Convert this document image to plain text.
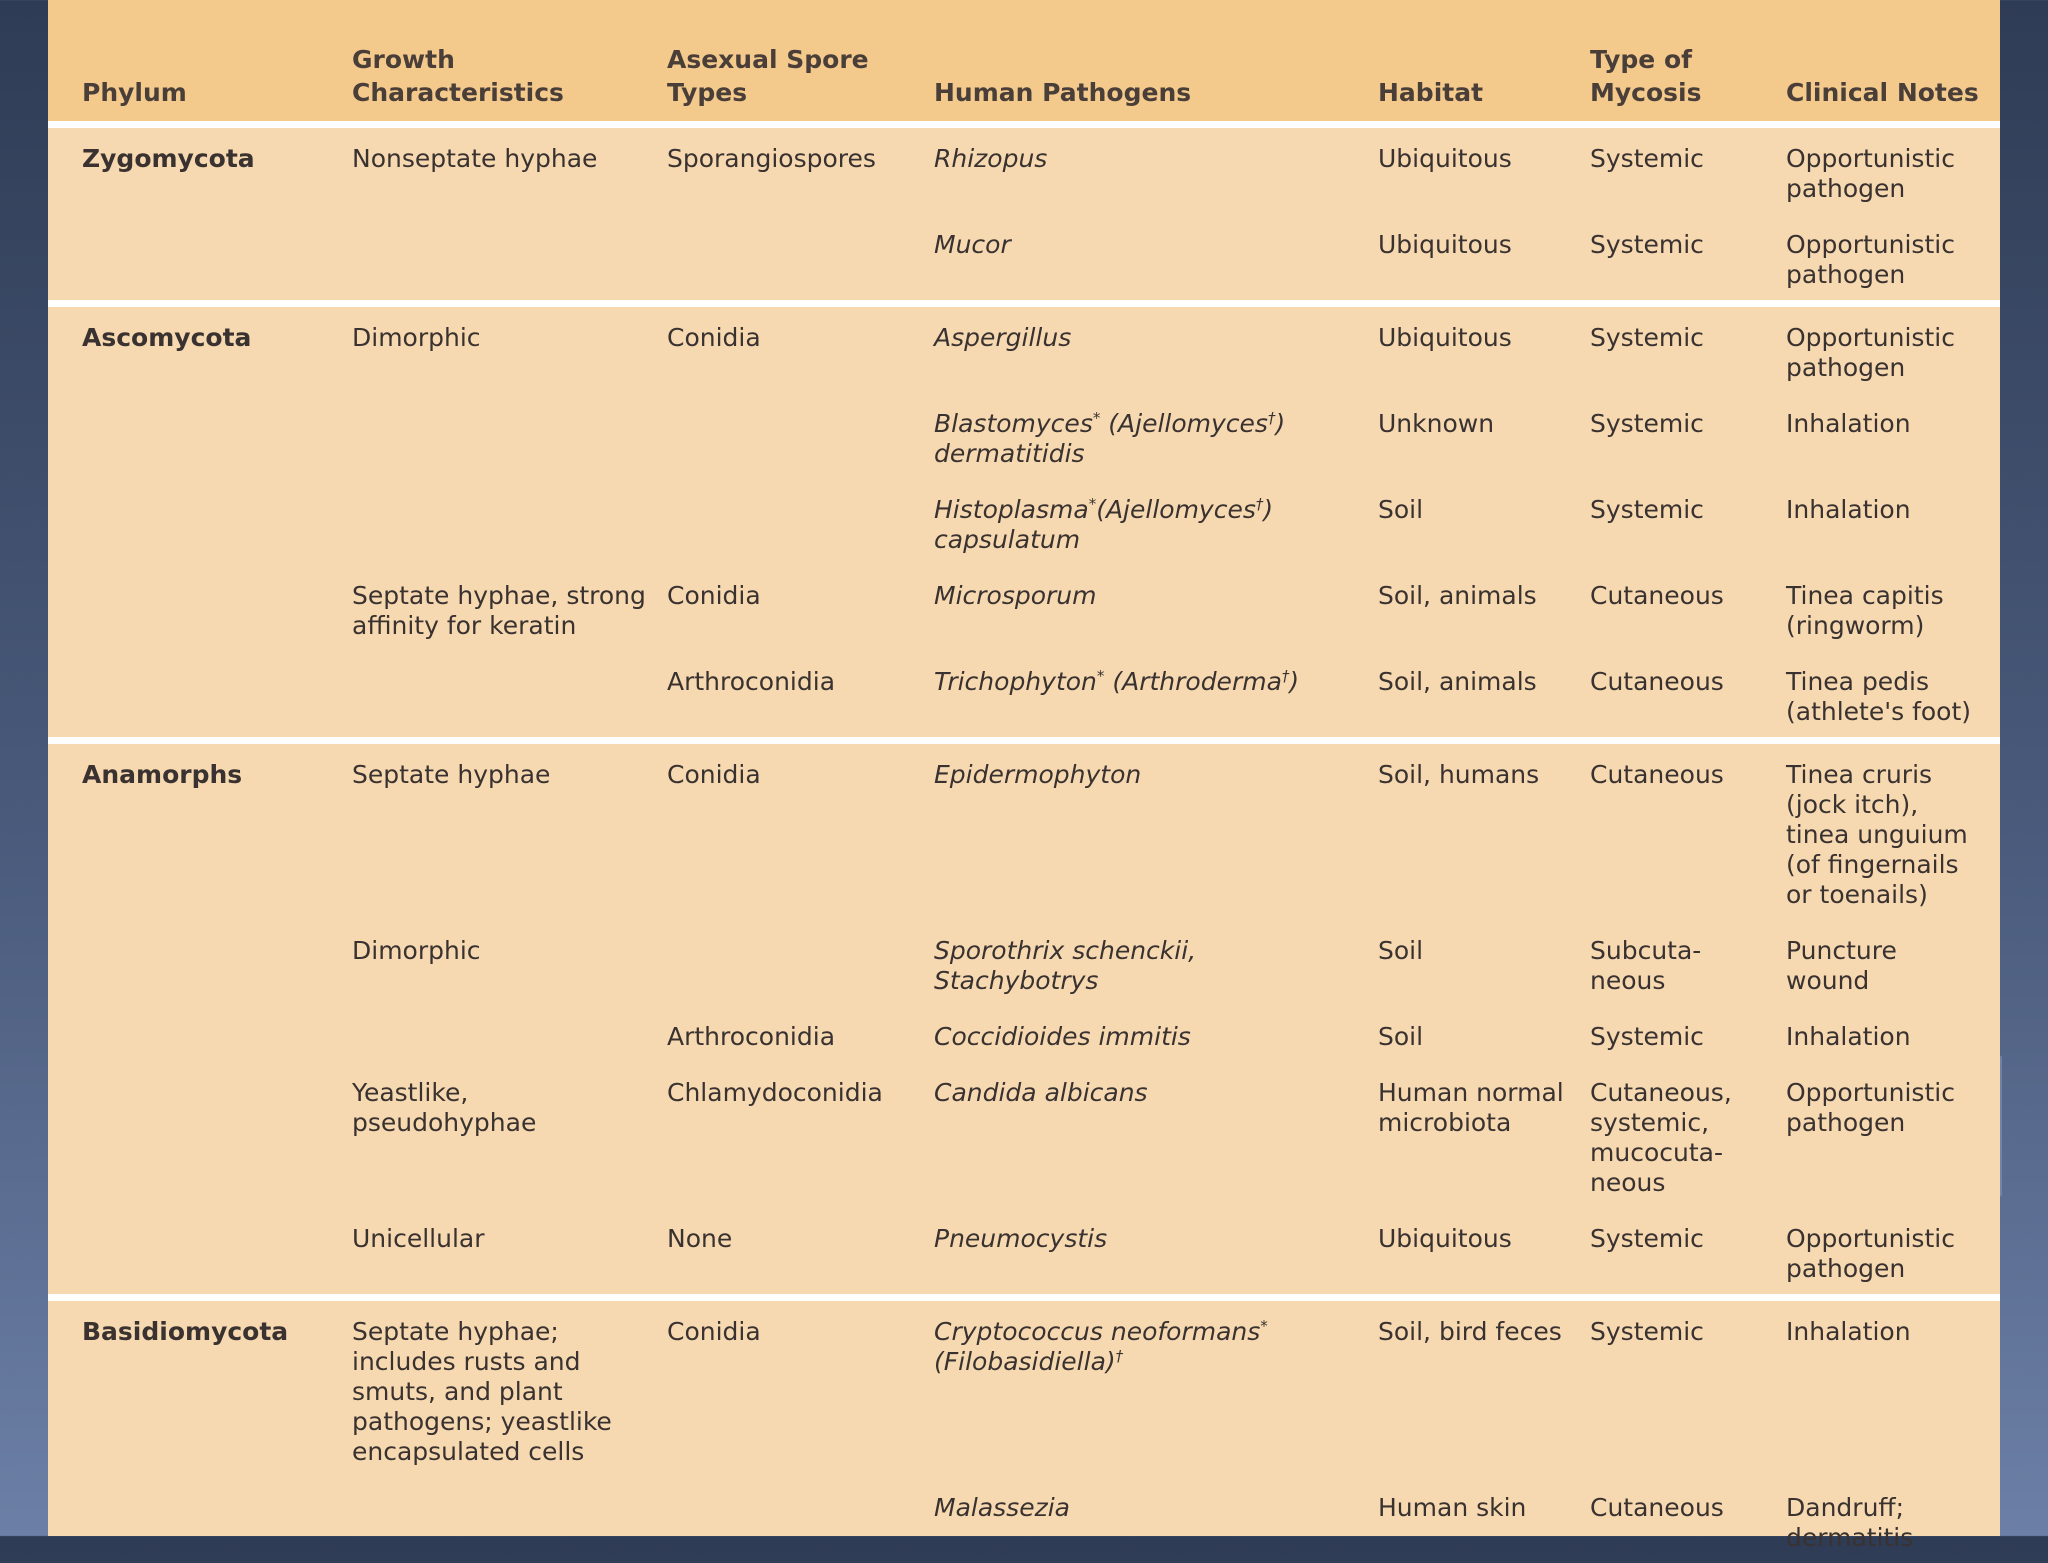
Phylum	Growth Characteristics	Asexual Spore Types	Human Pathogens	Habitat	Type of Mycosis	Clinical Notes
Zygomycota	Nonseptate hyphae	Sporangiospores	Rhizopus	Ubiquitous	Systemic	Opportunistic pathogen
			Mucor	Ubiquitous	Systemic	Opportunistic pathogen
Ascomycota	Dimorphic	Conidia	Aspergillus	Ubiquitous	Systemic	Opportunistic pathogen
			Blastomyces* (Ajellomyces†) dermatitidis	Unknown	Systemic	Inhalation
			Histoplasma*(Ajellomyces†) capsulatum	Soil	Systemic	Inhalation
	Septate hyphae, strong affinity for keratin	Conidia	Microsporum	Soil, animals	Cutaneous	Tinea capitis (ringworm)
		Arthroconidia	Trichophyton* (Arthroderma†)	Soil, animals	Cutaneous	Tinea pedis (athlete's foot)
Anamorphs	Septate hyphae	Conidia	Epidermophyton	Soil, humans	Cutaneous	Tinea cruris (jock itch), tinea unguium (of fingernails or toenails)
	Dimorphic		Sporothrix schenckii, Stachybotrys	Soil	Subcuta-neous	Puncture wound
		Arthroconidia	Coccidioides immitis	Soil	Systemic	Inhalation
	Yeastlike, pseudohyphae	Chlamydoconidia	Candida albicans	Human normal microbiota	Cutaneous, systemic, mucocuta-neous	Opportunistic pathogen
	Unicellular	None	Pneumocystis	Ubiquitous	Systemic	Opportunistic pathogen
Basidiomycota	Septate hyphae; includes rusts and smuts, and plant pathogens; yeastlike encapsulated cells	Conidia	Cryptococcus neoformans* (Filobasidiella)†	Soil, bird feces	Systemic	Inhalation
			Malassezia	Human skin	Cutaneous	Dandruff; dermatitis
